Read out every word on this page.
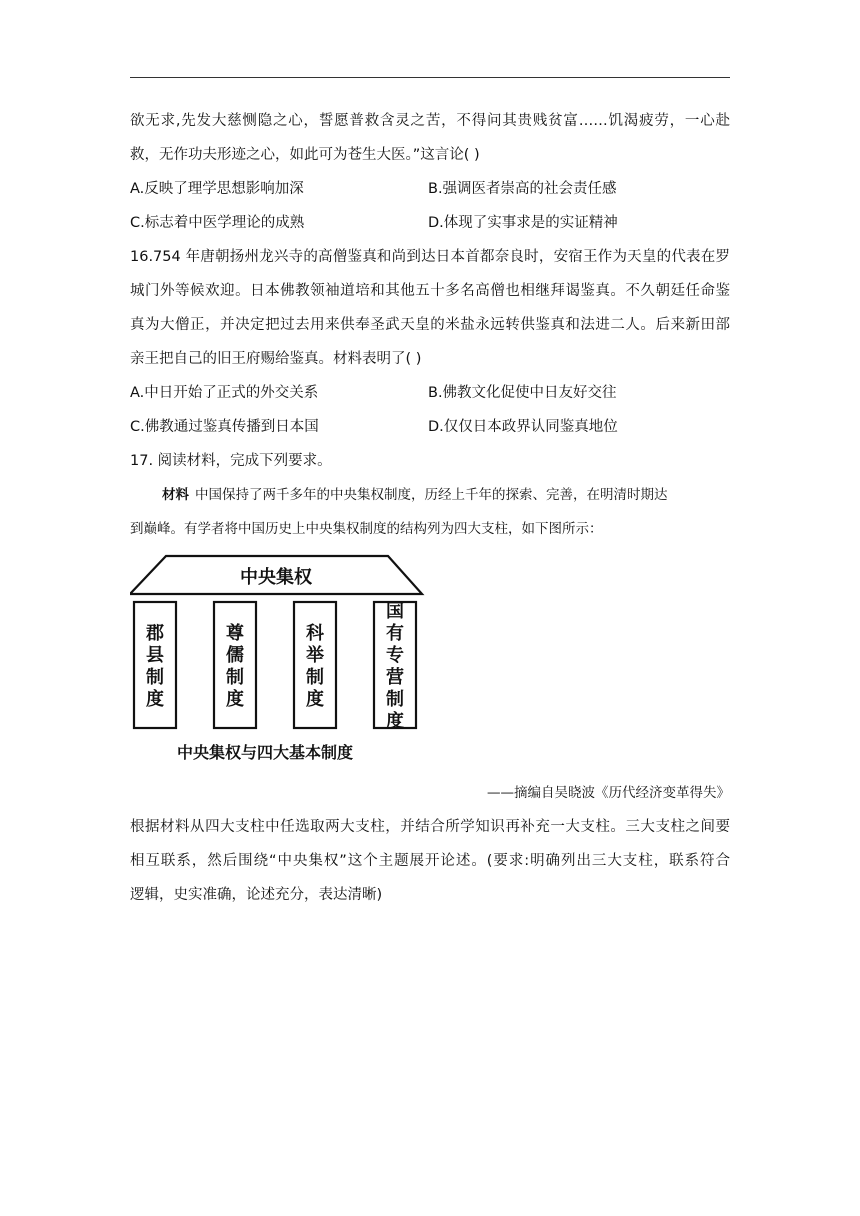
欲无求,先发大慈恻隐之心，誓愿普救含灵之苦，不得问其贵贱贫富……饥渴疲劳，一心赴
救，无作功夫形迹之心，如此可为苍生大医。”这言论( )
A.反映了理学思想影响加深	B.强调医者崇高的社会责任感
C.标志着中医学理论的成熟	D.体现了实事求是的实证精神
16.754 年唐朝扬州龙兴寺的高僧鉴真和尚到达日本首都奈良时，安宿王作为天皇的代表在罗
城门外等候欢迎。日本佛教领袖道培和其他五十多名高僧也相继拜谒鉴真。不久朝廷任命鉴
真为大僧正，并决定把过去用来供奉圣武天皇的米盐永远转供鉴真和法进二人。后来新田部
亲王把自己的旧王府赐给鉴真。材料表明了( )
A.中日开始了正式的外交关系	B.佛教文化促使中日友好交往
C.佛教通过鉴真传播到日本国	D.仅仅日本政界认同鉴真地位
17. 阅读材料，完成下列要求。
材料 中国保持了两千多年的中央集权制度，历经上千年的探索、完善，在明清时期达
到巅峰。有学者将中国历史上中央集权制度的结构列为四大支柱，如下图所示：
中央集权
郡
县
制
度
尊
儒
制
度
科
举
制
度
国
有
专
营
制
度
中央集权与四大基本制度
——摘编自吴晓波《历代经济变革得失》
根据材料从四大支柱中任选取两大支柱，并结合所学知识再补充一大支柱。三大支柱之间要
相互联系，然后围绕“中央集权”这个主题展开论述。(要求:明确列出三大支柱，联系符合
逻辑，史实准确，论述充分，表达清晰)
